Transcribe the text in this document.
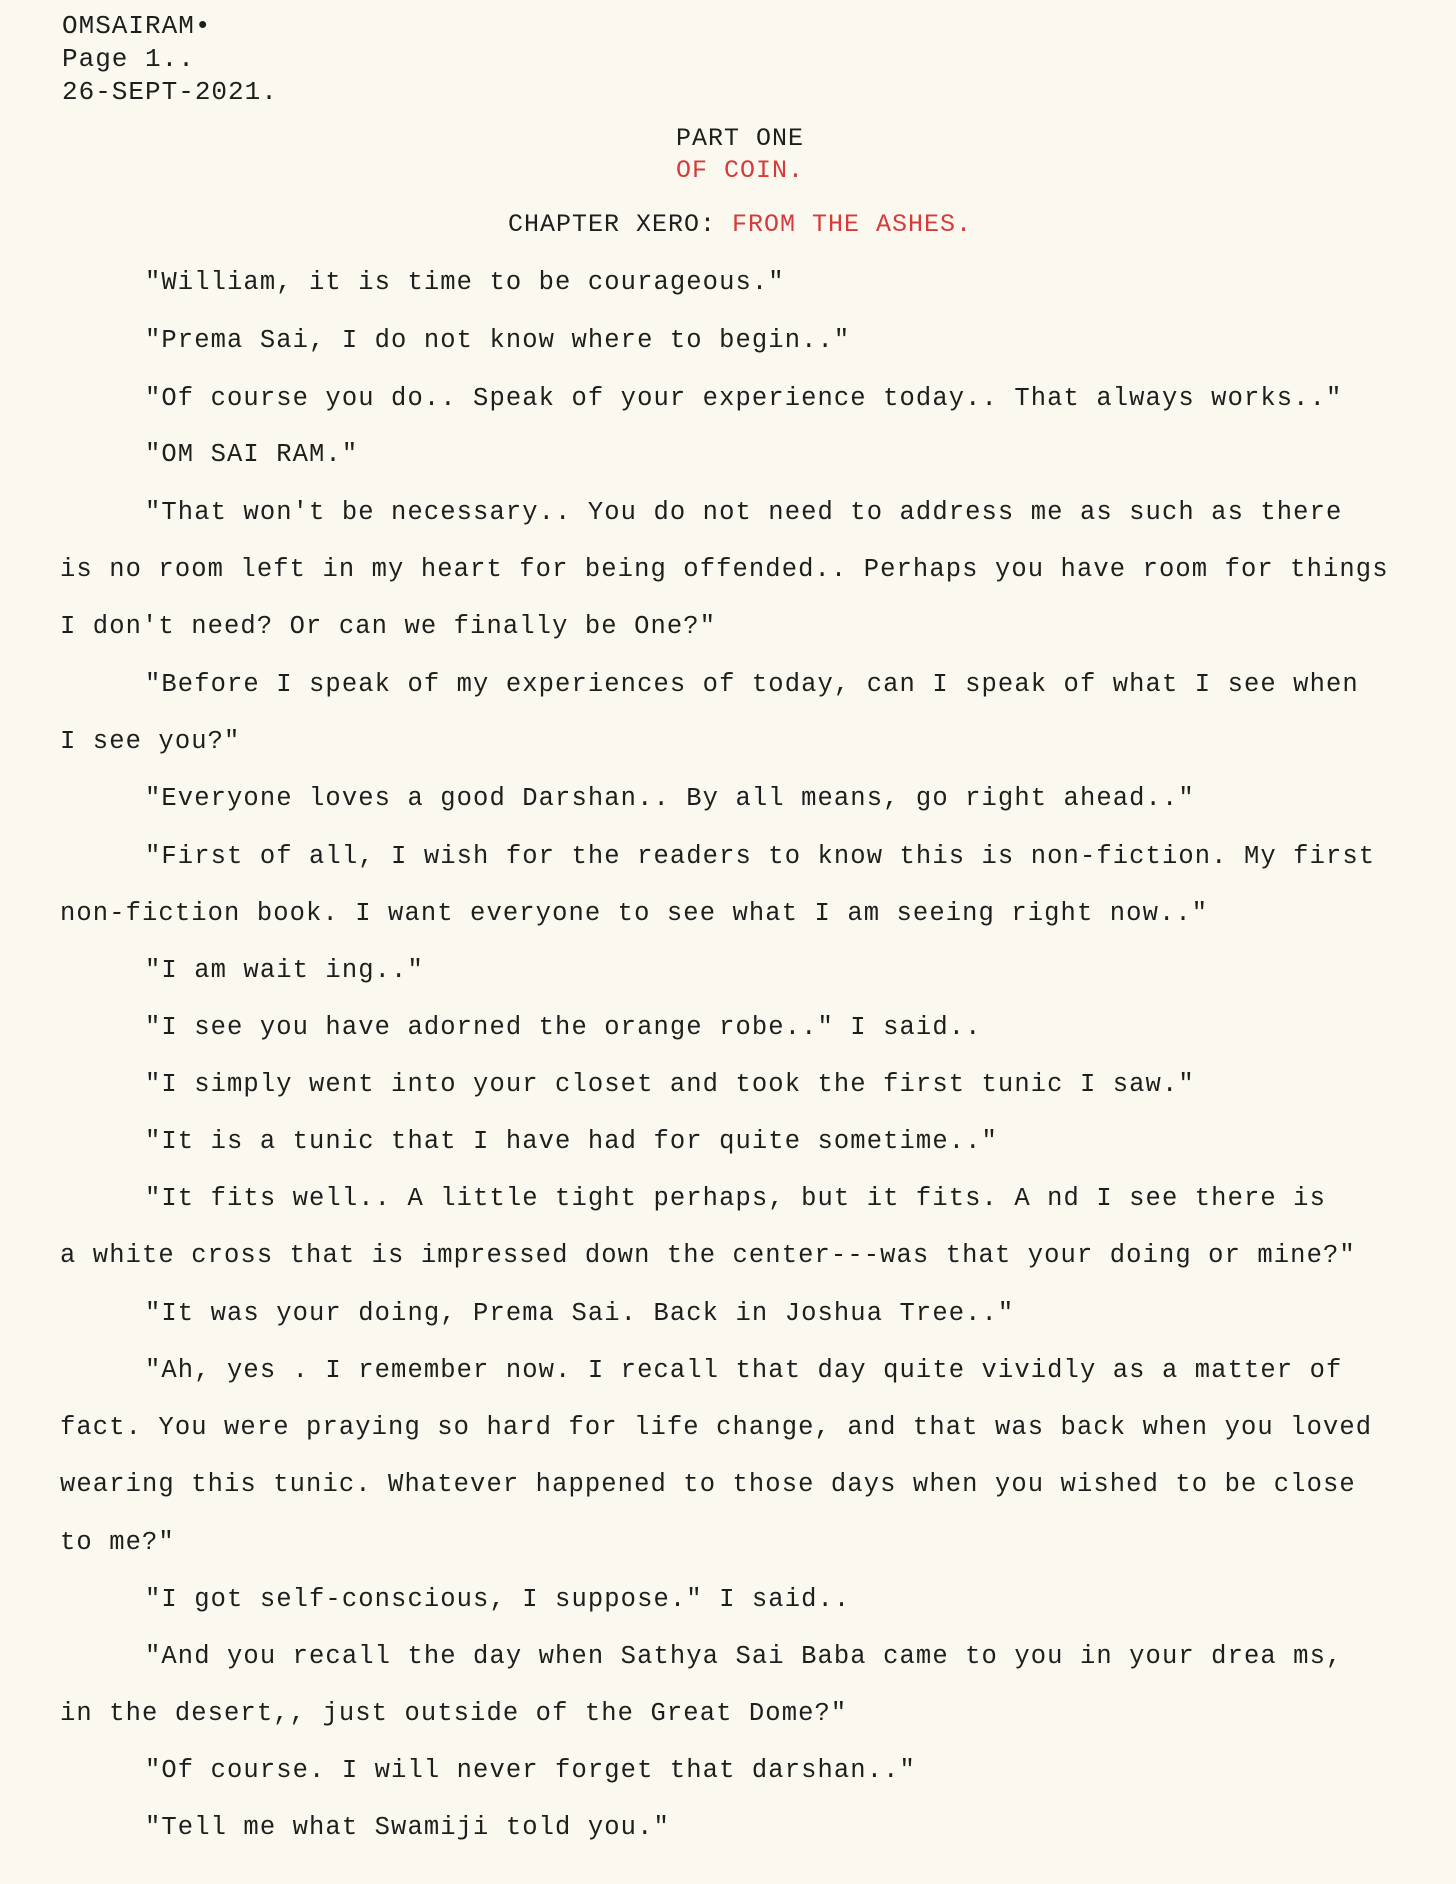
OMSAIRAM•
Page 1..
26-SEPT-2021.
PART ONE
OF COIN.
CHAPTER XERO: FROM THE ASHES.
"William, it is time to be courageous."
"Prema Sai, I do not know where to begin.."
"Of course you do.. Speak of your experience today.. That always works.."
"OM SAI RAM."
"That won't be necessary.. You do not need to address me as such as there
is no room left in my heart for being offended.. Perhaps you have room for things
I don't need? Or can we finally be One?"
"Before I speak of my experiences of today, can I speak of what I see when
I see you?"
"Everyone loves a good Darshan.. By all means, go right ahead.."
"First of all, I wish for the readers to know this is non-fiction. My first
non-fiction book. I want everyone to see what I am seeing right now.."
"I am wait ing.."
"I see you have adorned the orange robe.." I said..
"I simply went into your closet and took the first tunic I saw."
"It is a tunic that I have had for quite sometime.."
"It fits well.. A little tight perhaps, but it fits. A nd I see there is
a white cross that is impressed down the center---was that your doing or mine?"
"It was your doing, Prema Sai. Back in Joshua Tree.."
"Ah, yes . I remember now. I recall that day quite vividly as a matter of
fact. You were praying so hard for life change, and that was back when you loved
wearing this tunic. Whatever happened to those days when you wished to be close
to me?"
"I got self-conscious, I suppose." I said..
"And you recall the day when Sathya Sai Baba came to you in your drea ms,
in the desert,, just outside of the Great Dome?"
"Of course. I will never forget that darshan.."
"Tell me what Swamiji told you."
